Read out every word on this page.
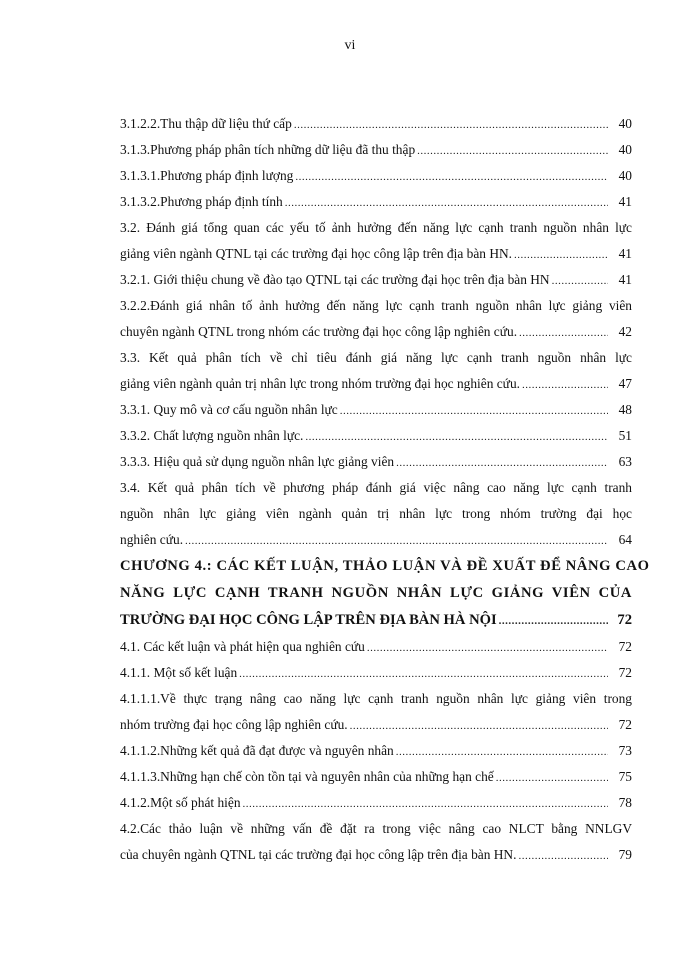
vi
3.1.2.2.Thu thập dữ liệu thứ cấp .....	40
3.1.3.Phương pháp phân tích những dữ liệu đã thu thập .....	40
3.1.3.1.Phương pháp định lượng .....	40
3.1.3.2.Phương pháp định tính .....	41
3.2. Đánh giá tổng quan các yếu tố ảnh hưởng đến năng lực cạnh tranh nguồn nhân lực
giảng viên ngành QTNL tại các trường đại học công lập trên địa bàn HN. .....	41
3.2.1. Giới thiệu chung về đào tạo QTNL tại các trường đại học trên địa bàn HN .....	41
3.2.2.Đánh giá nhân tố ảnh hưởng đến năng lực cạnh tranh nguồn nhân lực giảng viên
chuyên ngành QTNL trong nhóm các trường đại học công lập nghiên cứu. .....	42
3.3. Kết quả phân tích về chỉ tiêu đánh giá năng lực cạnh tranh nguồn nhân lực
giảng viên ngành quản trị nhân lực trong nhóm trường đại học nghiên cứu. .....	47
3.3.1. Quy mô và cơ cấu nguồn nhân lực .....	48
3.3.2. Chất lượng nguồn nhân lực. .....	51
3.3.3. Hiệu quả sử dụng nguồn nhân lực giảng viên .....	63
3.4. Kết quả phân tích về phương pháp đánh giá việc nâng cao năng lực cạnh tranh
nguồn nhân lực giảng viên ngành quản trị nhân lực trong nhóm trường đại học
nghiên cứu. .....	64
CHƯƠNG 4.: CÁC KẾT LUẬN, THẢO LUẬN VÀ ĐỀ XUẤT ĐỂ NÂNG CAO
NĂNG LỰC CẠNH TRANH NGUỒN NHÂN LỰC GIẢNG VIÊN CỦA
TRƯỜNG ĐẠI HỌC CÔNG LẬP TRÊN ĐỊA BÀN HÀ NỘI .....	72
4.1. Các kết luận và phát hiện qua nghiên cứu .....	72
4.1.1. Một số kết luận .....	72
4.1.1.1.Về thực trạng nâng cao năng lực cạnh tranh nguồn nhân lực giảng viên trong
nhóm trường đại học công lập nghiên cứu. .....	72
4.1.1.2.Những kết quả đã đạt được và nguyên nhân .....	73
4.1.1.3.Những hạn chế còn tồn tại và nguyên nhân của những hạn chế .....	75
4.1.2.Một số phát hiện .....	78
4.2.Các thảo luận về những vấn đề đặt ra trong việc nâng cao NLCT bằng NNLGV
của chuyên ngành QTNL tại các trường đại học công lập trên địa bàn HN. .....	79
